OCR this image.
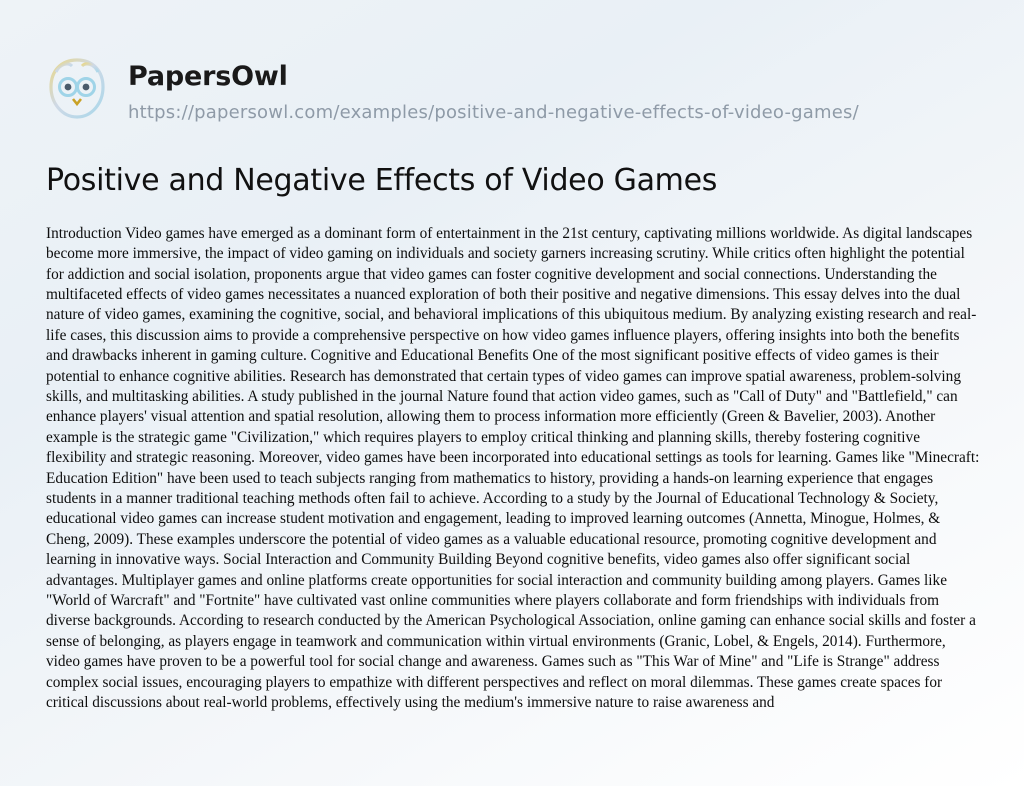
PapersOwl
https://papersowl.com/examples/positive-and-negative-effects-of-video-games/
Positive and Negative Effects of Video Games
Introduction Video games have emerged as a dominant form of entertainment in the 21st century, captivating millions worldwide. As digital landscapes become more immersive, the impact of video gaming on individuals and society garners increasing scrutiny. While critics often highlight the potential for addiction and social isolation, proponents argue that video games can foster cognitive development and social connections. Understanding the multifaceted effects of video games necessitates a nuanced exploration of both their positive and negative dimensions. This essay delves into the dual nature of video games, examining the cognitive, social, and behavioral implications of this ubiquitous medium. By analyzing existing research and real-life cases, this discussion aims to provide a comprehensive perspective on how video games influence players, offering insights into both the benefits and drawbacks inherent in gaming culture. Cognitive and Educational Benefits One of the most significant positive effects of video games is their potential to enhance cognitive abilities. Research has demonstrated that certain types of video games can improve spatial awareness, problem-solving skills, and multitasking abilities. A study published in the journal Nature found that action video games, such as "Call of Duty" and "Battlefield," can enhance players' visual attention and spatial resolution, allowing them to process information more efficiently (Green & Bavelier, 2003). Another example is the strategic game "Civilization," which requires players to employ critical thinking and planning skills, thereby fostering cognitive flexibility and strategic reasoning. Moreover, video games have been incorporated into educational settings as tools for learning. Games like "Minecraft: Education Edition" have been used to teach subjects ranging from mathematics to history, providing a hands-on learning experience that engages students in a manner traditional teaching methods often fail to achieve. According to a study by the Journal of Educational Technology & Society, educational video games can increase student motivation and engagement, leading to improved learning outcomes (Annetta, Minogue, Holmes, & Cheng, 2009). These examples underscore the potential of video games as a valuable educational resource, promoting cognitive development and learning in innovative ways. Social Interaction and Community Building Beyond cognitive benefits, video games also offer significant social advantages. Multiplayer games and online platforms create opportunities for social interaction and community building among players. Games like "World of Warcraft" and "Fortnite" have cultivated vast online communities where players collaborate and form friendships with individuals from diverse backgrounds. According to research conducted by the American Psychological Association, online gaming can enhance social skills and foster a sense of belonging, as players engage in teamwork and communication within virtual environments (Granic, Lobel, & Engels, 2014). Furthermore, video games have proven to be a powerful tool for social change and awareness. Games such as "This War of Mine" and "Life is Strange" address complex social issues, encouraging players to empathize with different perspectives and reflect on moral dilemmas. These games create spaces for critical discussions about real-world problems, effectively using the medium's immersive nature to raise awareness and
